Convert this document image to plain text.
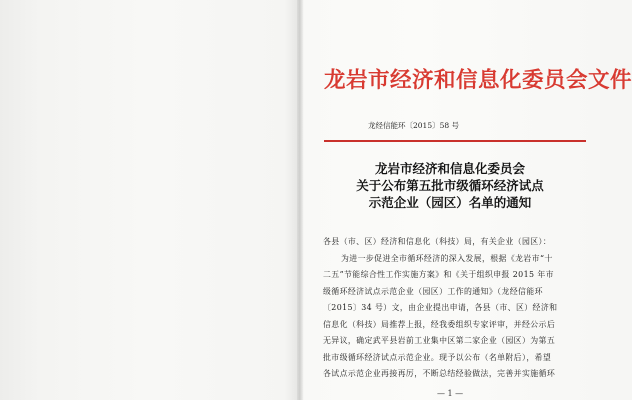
龙岩市经济和信息化委员会文件
龙经信能环〔2015〕58 号
龙岩市经济和信息化委员会
关于公布第五批市级循环经济试点
示范企业（园区）名单的通知
各县（市、区）经济和信息化（科技）局，有关企业（园区）：
为进一步促进全市循环经济的深入发展，根据《龙岩市“十
二五”节能综合性工作实施方案》和《关于组织申报 2015 年市
级循环经济试点示范企业（园区）工作的通知》（龙经信能环
〔2015〕34 号）文，由企业提出申请，各县（市、区）经济和
信息化（科技）局推荐上报，经我委组织专家评审，并经公示后
无异议，确定武平县岩前工业集中区第二家企业（园区）为第五
批市级循环经济试点示范企业。现予以公布（名单附后），希望
各试点示范企业再接再厉，不断总结经验做法，完善并实施循环
— 1 —
